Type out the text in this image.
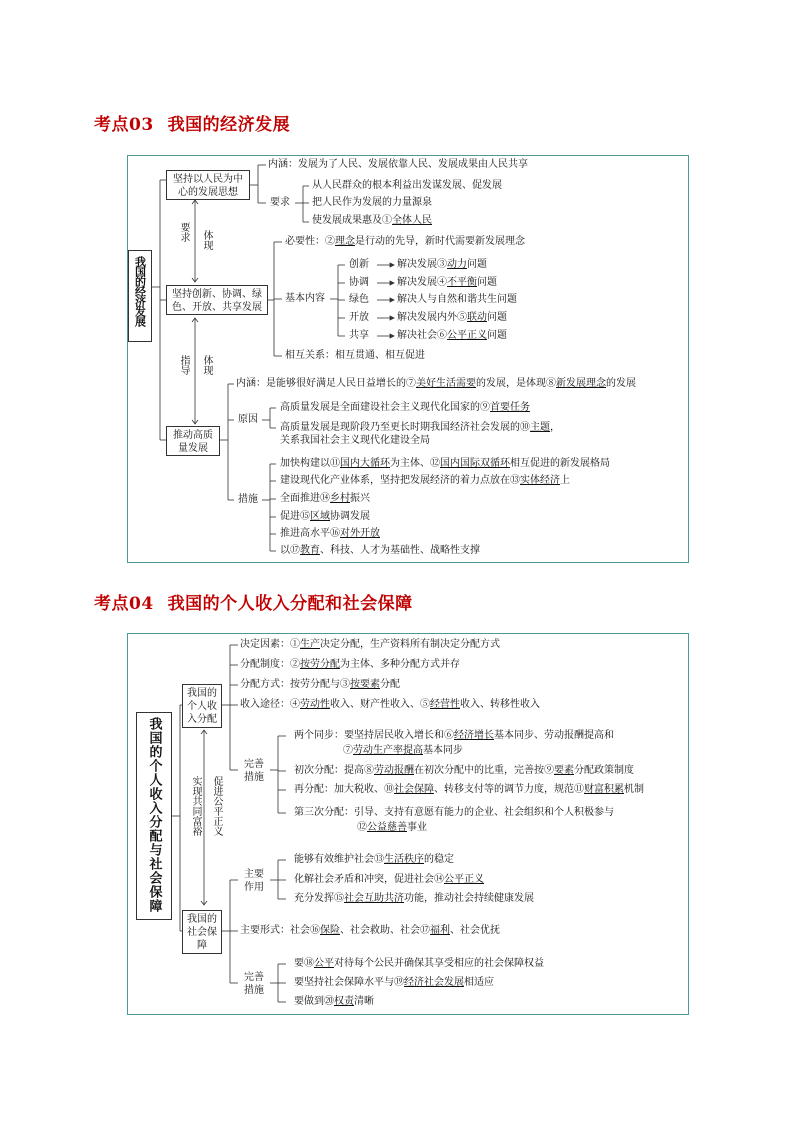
考点03 我国的经济发展
我国的经济发展
坚持以人民为中
心的发展思想
内涵：发展为了人民、发展依靠人民、发展成果由人民共享
要求
从人民群众的根本利益出发谋发展、促发展
把人民作为发展的力量源泉
使发展成果惠及①全体人民
要求 体现
坚持创新、协调、绿
色、开放、共享发展
必要性：②理念是行动的先导，新时代需要新发展理念
基本内容
创新	解决发展③动力问题
协调	解决发展④不平衡问题
绿色	解决人与自然和谐共生问题
开放	解决发展内外⑤联动问题
共享	解决社会⑥公平正义问题
相互关系：相互贯通、相互促进
指导 体现
推动高质
量发展
内涵：是能够很好满足人民日益增长的⑦美好生活需要的发展，是体现⑧新发展理念的发展
原因
高质量发展是全面建设社会主义现代化国家的⑨首要任务
高质量发展是现阶段乃至更长时期我国经济社会发展的⑩主题，
关系我国社会主义现代化建设全局
措施
加快构建以⑪国内大循环为主体、⑫国内国际双循环相互促进的新发展格局
建设现代化产业体系，坚持把发展经济的着力点放在⑬实体经济上
全面推进⑭乡村振兴
促进⑮区域协调发展
推进高水平⑯对外开放
以⑰教育、科技、人才为基础性、战略性支撑
考点04 我国的个人收入分配和社会保障
我国的个人收入分配与社会保障
我国的
个人收
入分配
决定因素：①生产决定分配，生产资料所有制决定分配方式
分配制度：②按劳分配为主体、多种分配方式并存
分配方式：按劳分配与③按要素分配
收入途径：④劳动性收入、财产性收入、⑤经营性收入、转移性收入
完善
措施
两个同步：要坚持居民收入增长和⑥经济增长基本同步、劳动报酬提高和
⑦劳动生产率提高基本同步
初次分配：提高⑧劳动报酬在初次分配中的比重，完善按⑨要素分配政策制度
再分配：加大税收、⑩社会保障、转移支付等的调节力度，规范⑪财富积累机制
第三次分配：引导、支持有意愿有能力的企业、社会组织和个人积极参与
⑫公益慈善事业
实现共同富裕 促进公平正义
我国的
社会保
障
主要
作用
能够有效维护社会⑬生活秩序的稳定
化解社会矛盾和冲突，促进社会⑭公平正义
充分发挥⑮社会互助共济功能，推动社会持续健康发展
主要形式：社会⑯保险、社会救助、社会⑰福利、社会优抚
完善
措施
要⑱公平对待每个公民并确保其享受相应的社会保障权益
要坚持社会保障水平与⑲经济社会发展相适应
要做到⑳权责清晰
